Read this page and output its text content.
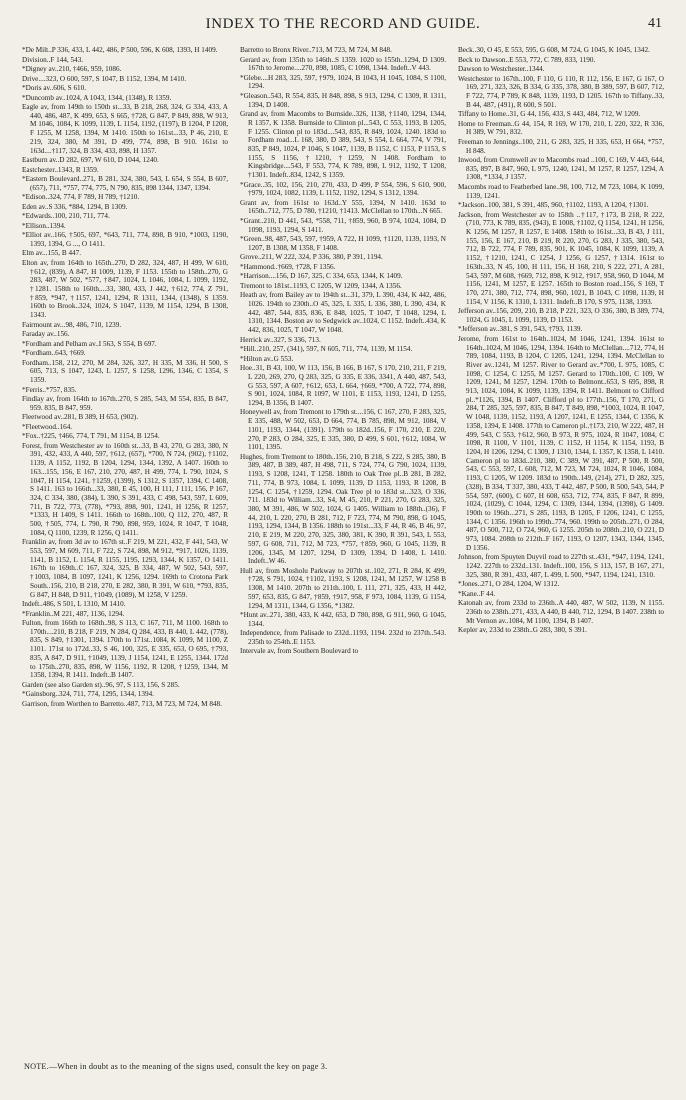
INDEX TO THE RECORD AND GUIDE.	41

*De Milt..P 336, 433, L 442, 486, P 500, 596, K 608, 1393, H 1409.

Division..F 144, 543.

*Digney av..210, †466, 959, 1086.

Drive....323, O 600, 597, S 1047, B 1152, 1394, M 1410.

*Doris av..606, S 610.

*Duncomb av..1024, A 1043, 1344, (1348), R 1359.

Eagle av, from 149th to 150th st...33, B 218, 268, 324, G 334, 433, A 440, 486, 487, K 499, 653, S 665, †728, G 847, P 849, 898, W 913, M 1046, 1084, K 1099, 1139, L 1154, 1192, (1197), B 1204, P 1208, F 1255, M 1258, 1394, M 1410. 150th to 161st...33, P 46, 210, E 219, 324, 380, M 391, D 499, 774, 898, B 910. 161st to 163d....†117, 324, B 334, 433, 898, H 1357.

Eastburn av..D 282, 697, W 610, D 1044, 1240.

Eastchester..1343, R 1359.

*Eastern Boulevard..271, B 281, 324, 380, 543, L 654, S 554, B 607, (657), 711, *757, 774, 775, N 790, 835, 898 1344, 1347, 1394.

*Edison..324, 774, F 789, H 789, †1210.

Eden av..S 336, *884, 1294, B 1309.

*Edwards..100, 210, 711, 774.

*Ellison..1394.

*Elliot av..166, †505, 697, *643, 711, 774, 898, B 910, *1003, 1190, 1393, 1394, G ..., O 1411.

Elm av...155, B 447.

Elton av, from 164th to 165th..270, D 282, 324, 487, H 499, W 610, †612, (839), A 847, H 1009, 1139, F 1153. 155th to 158th..270, G 283, 487, W 502, *577, †847, 1024, L 1046, 1084, L 1099, 1192, †1281. 158th to 160th....33, 380, 433, J 442, †612, 774, Z 791, †859, *947, †1157, 1241, 1294, R 1311, 1344, (1348), S 1359. 160th to Brook..324, 1024, S 1047, 1139, M 1154, 1294, B 1308, 1343.

Fairmount av...98, 486, 710, 1239.

Faraday av..156.

*Fordham and Pelham av..I 563, S 554, B 697.

*Fordham..643, †669.

Fordham..158, 212, 270, M 284, 326, 327, H 335, M 336, H 500, S 605, 713, S 1047, 1243, L 1257, S 1258, 1296, 1346, C 1354, S 1359.

*Ferris..*757, 835.

Findlay av, from 164th to 167th..270, S 285, 543, M 554, 835, B 847, 959. 835, B 847, 959.

Fleetwood av..281, B 389, H 653, (902).

*Fleetwood..164.

*Fox..†225, †466, 774, T 791, M 1154, B 1254.

Forest, from Westchester av to 160th st...33, B 43, 270, G 283, 380, N 391, 432, 433, A 440, 597, †612, (657), *700, N 724, (902), †1102, 1139, A 1152, 1192, B 1204, 1294, 1344, 1392, A 1407. 160th to 163...155, 156, E 167, 210, 270, 487, H 499, 774, L 790, 1024, S 1047, H 1154, 1241, †1259, (1399), S 1312, S 1357, 1394, C 1408, S 1411. 163 to 166th...33, 380, E 45, 100, H 111, J 111, 156, P 167, 324, C 334, 380, (384), L 390, S 391, 433, C 498, 543, 597, L 609, 711, B 722, 773, (778), *793, 898, 901, 1241, H 1256, R 1257, *1333, H 1409, S 1411. 166th to 168th..100, Q 112, 270, 487, R 500, †505, 774, L 790, R 790, 898, 959, 1024, R 1047, T 1048, 1084, Q 1100, 1239, R 1256, Q 1411.

Franklin av, from 3d av to 167th st..F 219, M 221, 432, F 441, 543, W 553, 597, M 609, 711, F 722, S 724, 898, M 912, *917, 1026, 1139, 1141, B 1152, L 1154, R 1155, 1195, 1293, 1344, K 1357, O 1411. 167th to 169th..C 167, 324, 325, B 334, 487, W 502, 543, 597, †1003, 1084, B 1097, 1241, K 1256, 1294. 169th to Crotona Park South..156, 210, B 218, 270, E 282, 380, R 391, W 610, *793, 835, G 847, H 848, D 911, †1049, (1089), M 1258, V 1259.

Indeft..486, S 501, L 1310, M 1410.

*Franklin..M 221, 487, 1136, 1294.

Fulton, from 166th to 168th..98, S 113, C 167, 711, M 1100. 168th to 170th....210, B 218, F 219, N 284, Q 284, 433, B 440, L 442, (778), 835, S 849, †1301, 1394. 170th to 171st..1084, K 1099, M 1100, Z 1101. 171st to 172d..33, S 46, 100, 325, E 335, 653, O 695, †793, 835, A 847, D 911, †1049, 1139, J 1154, 1241, E 1255, 1344. 172d to 175th..270, 835, 898, W 1156, 1192, R 1208, †1259, 1344, M 1358, 1394, R 1411. Indeft..B 1407.

Garden (see also Garden st)..96, 97, S 113, 156, S 285.

*Gainsborg..324, 711, 774, 1295, 1344, 1394.

Garrison, from Worthen to Barretto..487, 713, M 723, M 724, M 848.

Barretto to Bronx River..713, M 723, M 724, M 848.

Gerard av, from 135th to 146th..S 1359. 1020 to 155th..1294, D 1309. 167th to Jerome....270, 898, 1085, C 1098, 1344. Indeft..V 443.

*Glebe....H 283, 325, 597, †979, 1024, B 1043, H 1045, 1084, S 1100, 1294.

*Gleason..543, R 554, 835, H 848, 898, S 913, 1294, C 1309, R 1311, 1394, D 1408.

Grand av, from Macombs to Burnside..326, 1138, †1140, 1294, 1344, R 1357, K 1358. Burnside to Clinton pl...543, C 553, 1193, B 1205, F 1255. Clinton pl to 183d....543, 835, R 849, 1024, 1240. 183d to Fordham road...L 168, 380, D 389, 543, S 554, L 664, 774, V 791, 835, P 849, 1024, P 1046, S 1047, 1139, B 1152, C 1153, P 1153, S 1155, S 1156, †1210, †1259, N 1408. Fordham to Kingsbridge....543, F 553, 774, K 789, 898, L 912, 1192, T 1208, †1301. Indeft..834, 1242, S 1359.

*Grace..35, 102, 156, 210, 270, 433, D 499, P 554, 596, S 610, 900, †979, 1024, 1082, 1139, L 1152, 1192, 1294, S 1312, 1394.

Grant av, from 161st to 163d..Y 555, 1394, N 1410. 163d to 165th..712, 775, D 780, †1210, †1413. McClellan to 170th...N 665.

*Grant..210, D 441, 543, *558, 711, †859, 960, B 974, 1024, 1084, D 1098, 1193, 1294, S 1411.

*Green..98, 487, 543, 597, †959, A 722, H 1099, †1120, 1139, 1193, N 1207, B 1308, M 1358, F 1408.

Grove..211, W 222, 324, P 336, 380, P 391, 1194.

*Hammond..†669, †728, F 1356.

*Harrison....156, D 167, 325, C 334, 653, 1344, K 1409.

Tremont to 181st..1193, C 1205, W 1209, 1344, A 1356.

Heath av, from Bailey av to 194th st...31, 379, L 390, 434, K 442, 486, 1026. 194th to 230th..O 45, 325, L 335, L 336, 380, L 390, 434, K 442, 487, 544, 835, 836, E 848, 1025, T 1047, T 1048, 1294, L 1310, 1344. Boston av to Sedgwick av..1024, C 1152. Indeft..434, K 442, 836, 1025, T 1047, W 1048.

Herrick av..327, S 336, 713.

*Hill..210, 257, (341), 597, N 605, 711, 774, 1139, M 1154.

*Hilton av..G 553.

Hoe..31, B 43, 100, W 113, 156, B 166, B 167, S 170, 210, 211, F 219, L 220, 269, 270, Q 283, 325, G 335, E 336, 3341, A 440, 487, 543, G 553, 597, A 607, †612, 653, L 664, †669, *700, A 722, 774, 898, S 901, 1024, 1084, R 1097, W 1101, E 1153, 1193, 1241, D 1255, 1294, B 1356, B 1407.

Honeywell av, from Tremont to 179th st....156, C 167, 270, F 283, 325, E 335, 488, W 502, 653, D 664, 774, B 785, 898, M 912, 1084, V 1101, 1193, 1344, (1391). 179th to 182d..156, F 170, 210, E 220, 270, P 283, O 284, 325, E 335, 380, D 499, S 601, †612, 1084, W 1101, 1395.

Hughes, from Tremont to 180th..156, 210, B 218, S 222, S 285, 380, B 389, 487, B 389, 487, H 498, 711, S 724, 774, G 790, 1024, 1139, 1193, S 1208, 1241, T 1258. 180th to Oak Tree pl..B 281, B 282, 711, 774, B 973, 1084, L 1099, 1139, D 1153, 1193, R 1208, B 1254, C 1254, †1259, 1294. Oak Tree pl to 183d st...323, O 336, 711. 183d to William...33, S4, M 45, 210, P 221, 270, G 283, 325, 380, M 391, 486, W 502, 1024, G 1405. William to 188th..(36), F 44, 210, L 220, 270, B 281, 712, F 723, 774, M 790, 898, G 1045, 1193, 1294, 1344, B 1356. 188th to 191st...33, F 44, R 46, B 46, 97, 210, E 219, M 220, 270, 325, 380, 381, K 390, R 391, 543, L 553, 597, G 608, 711, 712, M 723, *757, †859, 960, G 1045, 1139, R 1206, 1345, M 1207, 1294, D 1309, 1394, D 1408, L 1410. Indeft..W 46.

Hull av, from Mosholu Parkway to 207th st..102, 271, R 284, K 499, †728, S 791, 1024, †1102, 1193, S 1208, 1241, M 1257, W 1258 B 1308, M 1410. 207th to 211th..100, L 111, 271, 325, 433, H 442, 597, 653, 835, G 847, †859, †917, 958, F 973, 1084, 1139, G 1154, 1294, M 1311, 1344, G 1356, *1382.

*Hunt av..271, 380, 433, K 442, 653, D 780, 898, G 911, 960, G 1045, 1344.

Independence, from Palisade to 232d..1193, 1194. 232d to 237th..543. 235th to 254th..E 1153.

Intervale av, from Southern Boulevard to

Beck..30, O 45, E 553, 595, G 608, M 724, G 1045, K 1045, 1342.

Beck to Dawson..E 553, 772, C 789, 833, 1190.

Dawson to Westchester..1344.

Westchester to 167th..100, F 110, G 110, R 112, 156, E 167, G 167, O 169, 271, 323, 326, B 334, G 335, 378, 380, B 389, 597, B 607, 712, F 722, 774, P 789, K 848, 1139, 1193, D 1205. 167th to Tiffany..33, B 44, 487, (491), R 600, S 501.

Tiffany to Home..31, G 44, 156, 433, S 443, 484, 712, W 1209.

Home to Freeman..G 44, 154, R 169, W 170, 210, L 220, 322, R 336, H 389, W 791, 832.

Freeman to Jennings..100, 211, G 283, 325, H 335, 653, H 664, *757, H 848.

Inwood, from Cromwell av to Macombs road ..100, C 169, V 443, 644, 835, 897, B 847, 960, L 975, 1240, 1241, M 1257, R 1257, 1294, A 1308, *1334, J 1357.

Macombs road to Featherbed lane..98, 100, 712, M 723, 1084, K 1099, 1139, 1241.

*Jackson..100, 381, S 391, 485, 960, †1102, 1193, A 1204, †1301.

Jackson, from Westchester av to 158th ..†117, †173, B 218, R 222, (710, 773, K 789, 835, (943), E 1008, †1102, Q 1154, 1241, H 1256, K 1256, M 1257, R 1257, E 1408. 158th to 161st...33, B 43, J 111, 155, 156, E 167, 210, B 219, R 220, 270, G 283, J 335, 380, 543, 712, B 722, 774, F 789, 835, 901, K 1045, 1084, K 1099, 1139, A 1152, †1210, 1241, C 1254, J 1256, G 1257, †1314. 161st to 163th..33, N 45, 100, H 111, 156, H 168, 210, S 222, 271, A 281, 543, 597, M 608, †669, 712, 898, K 912, †917, 958, 960, D 1044, M 1156, 1241, M 1257, E 1257. 165th to Boston road..156, S 169, T 170, 271, 380, 712, 774, 898, 960, 1021, B 1043, C 1098, 1139, H 1154, V 1156, K 1310, L 1311. Indeft..B 170, S 975, 1138, 1393.

Jefferson av..156, 209, 210, B 218, P 221, 323, O 336, 380, B 389, 774, 1024, G 1045, L 1099, 1139, D 1153.

*Jefferson av..381, S 391, 543, †793, 1139.

Jerome, from 161st to 164th..1024, M 1046, 1241, 1394. 161st to 164th..1024, M 1046, 1294, 1394. 164th to McClellan....712, 774, H 789, 1084, 1193, B 1204, C 1205, 1241, 1294, 1394. McClellan to River av..1241, M 1257. River to Gerard av..*700, L 975, 1085, C 1098, C 1254, C 1255, M 1257. Gerard to 170th..100, C 109, W 1209, 1241, M 1257, 1294. 170th to Belmont..653, S 695, 898, R 913, 1024, 1084, K 1099, 1139, 1394, R 1411. Belmont to Clifford pl..*1126, 1394, B 1407. Clifford pl to 177th..156, T 170, 271, G 284, T 285, 325, 597, 835, B 847, T 849, 898, *1003, 1024, R 1047, W 1048, 1139, 1152, 1193, A 1207, 1241, E 1255, 1344, C 1356, K 1358, 1394, E 1408. 177th to Cameron pl..†173, 210, W 222, 487, H 499, 543, C 553, †612, 960, B 973, R 975, 1024, R 1047, 1084, C 1098, R 1100, V 1101, 1139, C 1152, H 1154, K 1154, 1193, B 1204, H 1206, 1294, C 1309, J 1310, 1344, L 1357, K 1358, L 1410. Cameron pl to 183d..210, 380, C 389, W 391, 487, P 500, R 500, 543, C 553, 597, L 608, 712, M 723, M 724, 1024, R 1046, 1084, 1193, C 1205, W 1209. 183d to 190th..149, (214), 271, D 282, 325, (328), B 334, T 337, 380, 433, T 442, 487, P 500, R 500, 543, 544, P 554, 597, (600), C 607, H 608, 653, 712, 774, 835, F 847, R 899, 1024, (1029), C 1044, 1294, C 1309, 1344, 1394, (1398), G 1409. 190th to 196th...271, S 285, 1193, B 1205, F 1206, 1241, C 1255, 1344, C 1356. 196th to 199th..774, 960. 199th to 205th..271, O 284, 487, O 500, 712, O 724, 960, G 1255. 205th to 208th..210, O 221, D 973, 1084. 208th to 212th..F 167, 1193, O 1207, 1343, 1344, 1345, D 1356.

Johnson, from Spuyten Duyvil road to 227th st..431, *947, 1194, 1241, 1242. 227th to 232d..131. Indeft..100, 156, S 113, 157, B 167, 271, 325, 380, R 391, 433, 487, L 499, L 500, *947, 1194, 1241, 1310.

*Jones..271, O 284, 1204, W 1312.

*Kane..F 44.

Katonah av, from 233d to 236th..A 440, 487, W 502, 1139, N 1155. 236th to 238th..271, 433, A 440, B 440, 712, 1294, B 1407. 238th to Mt Vernon av..1084, M 1100, 1394, B 1407.

Kepler av, 233d to 238th..G 283, 380, S 391.

NOTE.—When in doubt as to the meaning of the signs used, consult the key on page 3.
